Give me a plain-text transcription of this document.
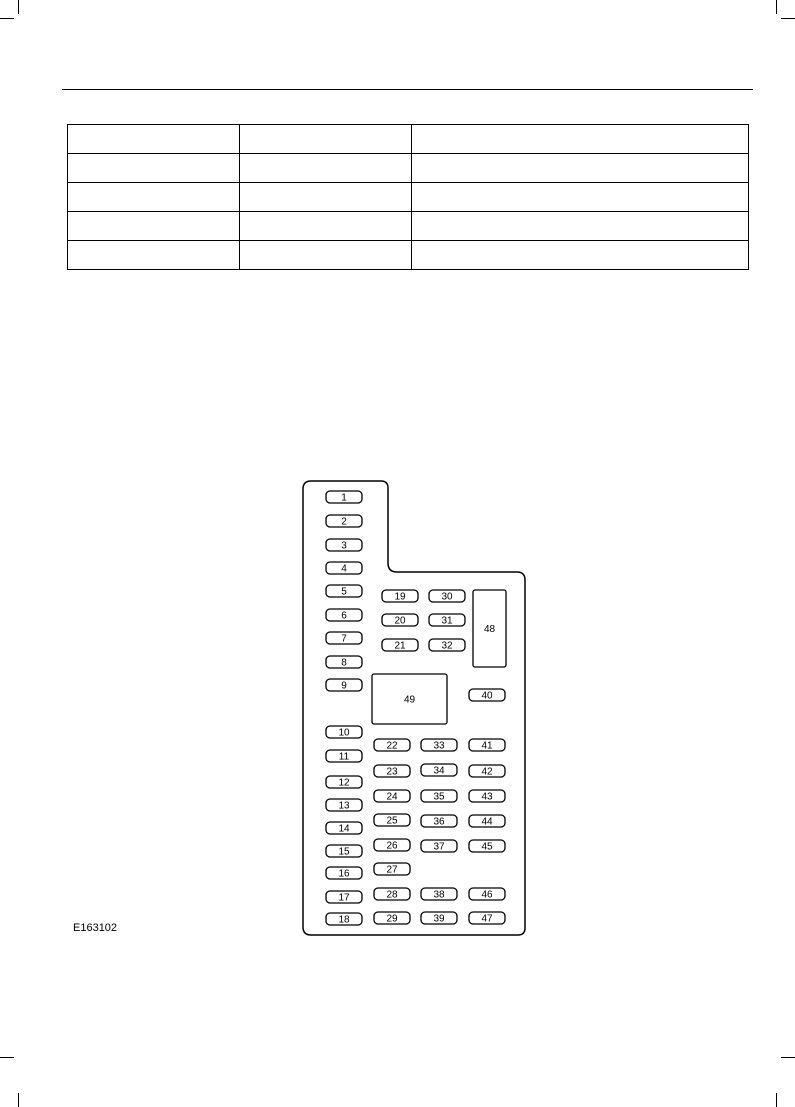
1
2
3
4
5
6
7
8
9
10
11
12
13
14
15
16
17
18
19
20
21
22
23
24
25
26
27
28
29
30
31
32
33
34
35
36
37
38
39
40
41
42
43
44
45
46
47
48
49
E163102
